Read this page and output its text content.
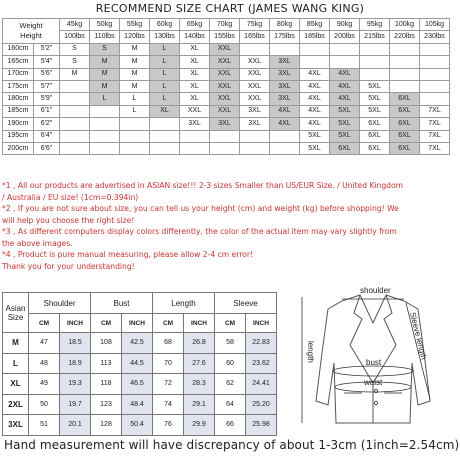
RECOMMEND SIZE CHART (JAMES WANG KING)
Weight
Height		45kg	50kg	55kg	60kg	65kg	70kg	75kg	80kg	85kg	90kg	95kg	100kg	105kg
		100lbs	110lbs	120lbs	130lbs	140lbs	155lbs	165lbs	175lbs	185lbs	200lbs	215lbs	220lbs	230lbs
160cm	5'2"	S	S	M	L	XL	XXL							
165cm	5'4"	S	M	M	L	XL	XXL	XXL	3XL					
170cm	5'6"	M	M	M	L	XL	XXL	XXL	3XL	4XL	4XL			
175cm	5'7"		M	M	L	XL	XXL	XXL	3XL	4XL	4XL	5XL		
180cm	5'9"		L	L	L	XL	XXL	XXL	3XL	4XL	4XL	5XL	6XL	
185cm	6'1"			L	XL	XXL	XXL	3XL	4XL	4XL	5XL	5XL	6XL	7XL
190cm	6'2"					3XL	3XL	3XL	4XL	4XL	5XL	6XL	6XL	7XL
195cm	6'4"									5XL	5XL	6XL	6XL	7XL
200cm	6'6"									5XL	6XL	6XL	6XL	7XL
*1 , All our products are advertised in ASIAN size!!! 2-3 sizes Smaller than US/EUR Size. / United Kingdom
/ Australia / EU size! (1cm=0.394in)
*2 , If you are not sure about size, you can tell us your height (cm) and weight (kg) before shopping! We
will help you choose the right size!
*3 , As different computers display colors differently, the color of the actual item may vary slightly from
the above images.
*4 , Product is pure manual measuring, please allow 2-4 cm error!
Thank you for your understanding!
Asian Size	Shoulder		Bust		Length		Sleeve	
	CM	INCH	CM	INCH	CM	INCH	CM	INCH
M	47	18.5	108	42.5	68	26.8	58	22.83
L	48	18.9	113	44.5	70	27.6	60	23.62
XL	49	19.3	118	46.5	72	28.3	62	24.41
2XL	50	19.7	123	48.4	74	29.1	64	25.20
3XL	51	20.1	128	50.4	76	29.9	66	25.98
shoulder
bust
waist
Sleeve length
length
Hand measurement will have discrepancy of about 1-3cm (1inch=2.54cm)
